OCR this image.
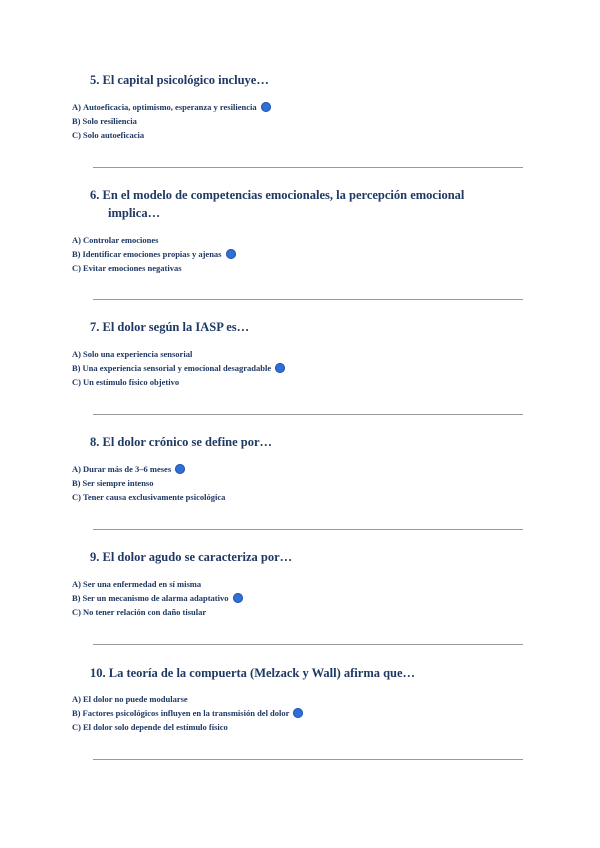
5. El capital psicológico incluye…
A) Autoeficacia, optimismo, esperanza y resiliencia
B) Solo resiliencia
C) Solo autoeficacia
6. En el modelo de competencias emocionales, la percepción emocional
implica…
A) Controlar emociones
B) Identificar emociones propias y ajenas
C) Evitar emociones negativas
7. El dolor según la IASP es…
A) Solo una experiencia sensorial
B) Una experiencia sensorial y emocional desagradable
C) Un estímulo físico objetivo
8. El dolor crónico se define por…
A) Durar más de 3–6 meses
B) Ser siempre intenso
C) Tener causa exclusivamente psicológica
9. El dolor agudo se caracteriza por…
A) Ser una enfermedad en sí misma
B) Ser un mecanismo de alarma adaptativo
C) No tener relación con daño tisular
10. La teoría de la compuerta (Melzack y Wall) afirma que…
A) El dolor no puede modularse
B) Factores psicológicos influyen en la transmisión del dolor
C) El dolor solo depende del estímulo físico
